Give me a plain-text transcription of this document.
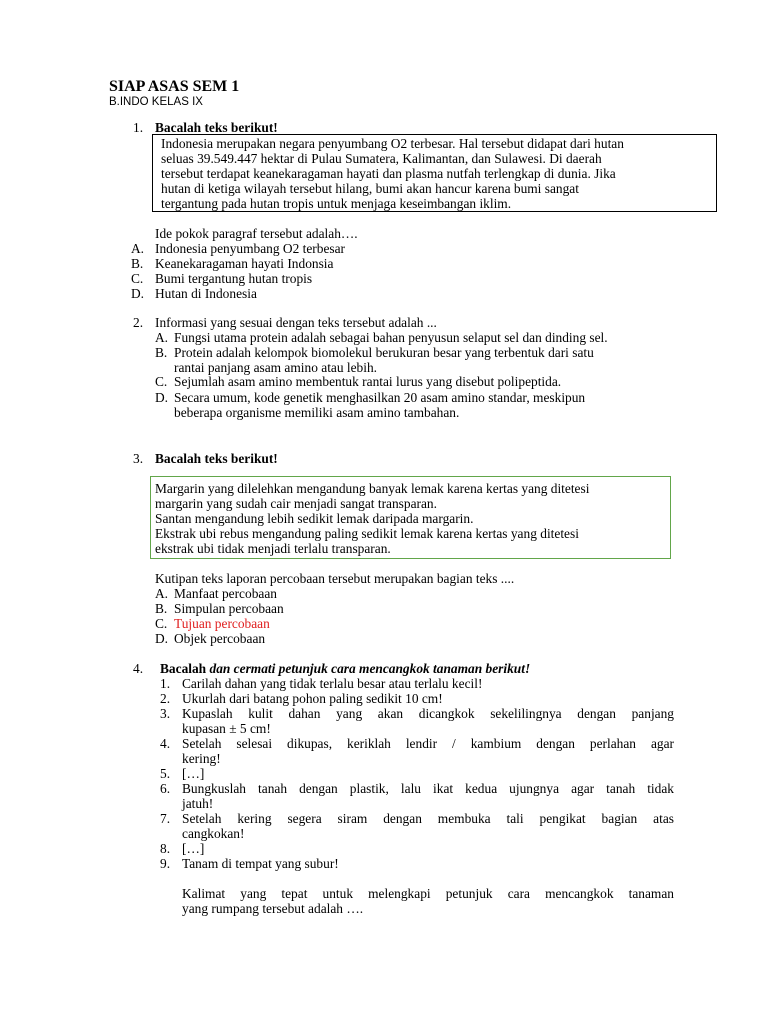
SIAP ASAS SEM 1
B.INDO KELAS IX
1. Bacalah teks berikut!
Indonesia merupakan negara penyumbang O2 terbesar. Hal tersebut didapat dari hutan
seluas 39.549.447 hektar di Pulau Sumatera, Kalimantan, dan Sulawesi. Di daerah
tersebut terdapat keanekaragaman hayati dan plasma nutfah terlengkap di dunia. Jika
hutan di ketiga wilayah tersebut hilang, bumi akan hancur karena bumi sangat
tergantung pada hutan tropis untuk menjaga keseimbangan iklim.
Ide pokok paragraf tersebut adalah….
A. Indonesia penyumbang O2 terbesar
B. Keanekaragaman hayati Indonsia
C. Bumi tergantung hutan tropis
D. Hutan di Indonesia
2. Informasi yang sesuai dengan teks tersebut adalah ...
A. Fungsi utama protein adalah sebagai bahan penyusun selaput sel dan dinding sel.
B. Protein adalah kelompok biomolekul berukuran besar yang terbentuk dari satu
rantai panjang asam amino atau lebih.
C. Sejumlah asam amino membentuk rantai lurus yang disebut polipeptida.
D. Secara umum, kode genetik menghasilkan 20 asam amino standar, meskipun
beberapa organisme memiliki asam amino tambahan.
3. Bacalah teks berikut!
Margarin yang dilelehkan mengandung banyak lemak karena kertas yang ditetesi
margarin yang sudah cair menjadi sangat transparan.
Santan mengandung lebih sedikit lemak daripada margarin.
Ekstrak ubi rebus mengandung paling sedikit lemak karena kertas yang ditetesi
ekstrak ubi tidak menjadi terlalu transparan.
Kutipan teks laporan percobaan tersebut merupakan bagian teks ....
A. Manfaat percobaan
B. Simpulan percobaan
C. Tujuan percobaan
D. Objek percobaan
4. Bacalah dan cermati petunjuk cara mencangkok tanaman berikut!
1. Carilah dahan yang tidak terlalu besar atau terlalu kecil!
2. Ukurlah dari batang pohon paling sedikit 10 cm!
3. Kupaslah kulit dahan yang akan dicangkok sekelilingnya dengan panjang
kupasan ± 5 cm!
4. Setelah selesai dikupas, keriklah lendir / kambium dengan perlahan agar
kering!
5. […]
6. Bungkuslah tanah dengan plastik, lalu ikat kedua ujungnya agar tanah tidak
jatuh!
7. Setelah kering segera siram dengan membuka tali pengikat bagian atas
cangkokan!
8. […]
9. Tanam di tempat yang subur!
Kalimat yang tepat untuk melengkapi petunjuk cara mencangkok tanaman
yang rumpang tersebut adalah ….
